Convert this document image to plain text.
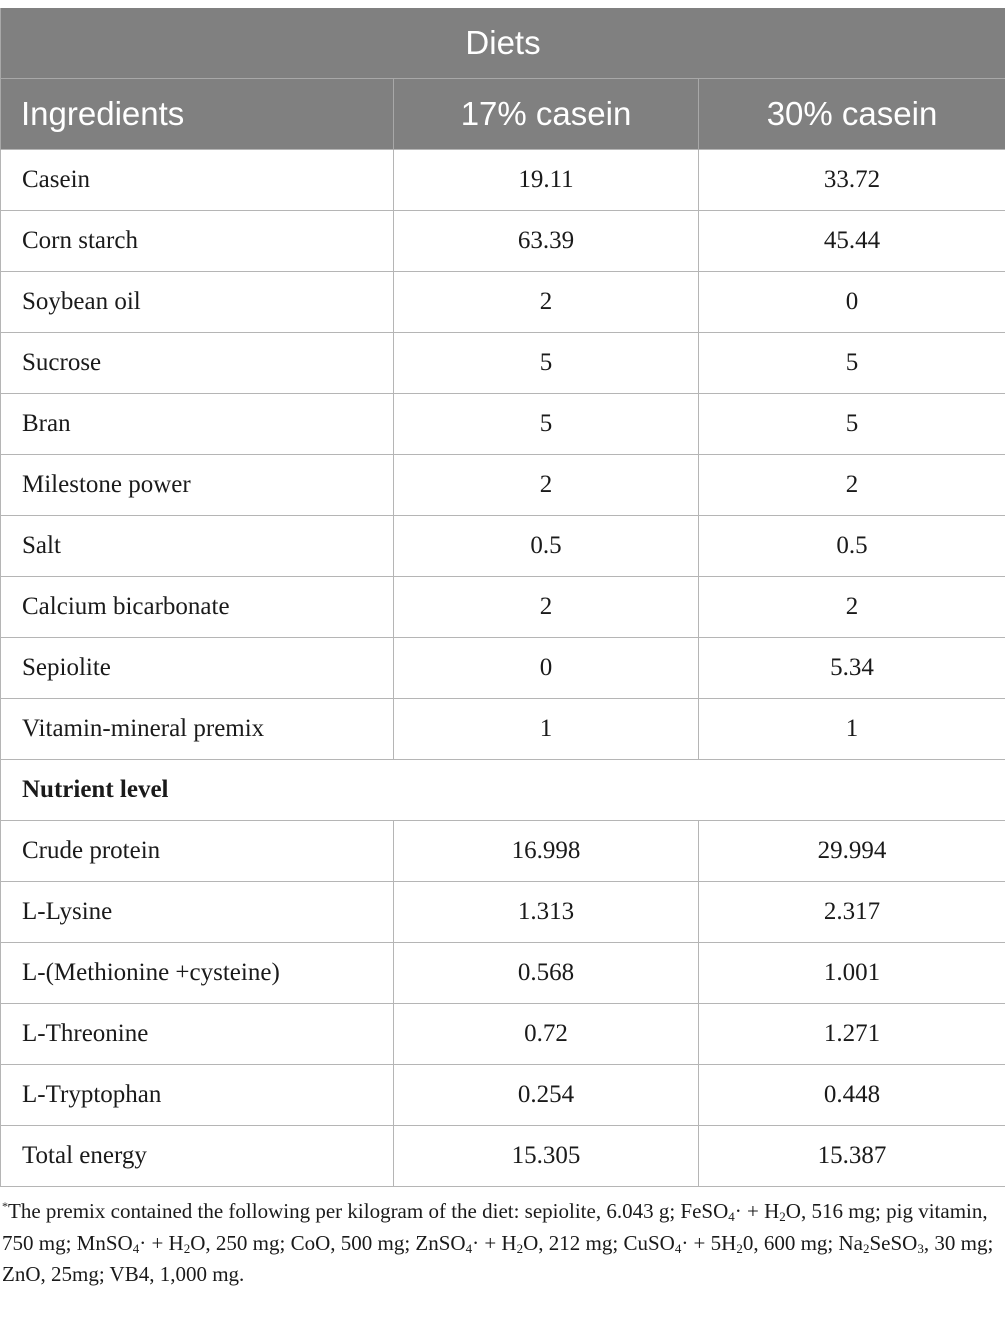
Diets		
Ingredients	17% casein	30% casein
Casein	19.11	33.72
Corn starch	63.39	45.44
Soybean oil	2	0
Sucrose	5	5
Bran	5	5
Milestone power	2	2
Salt	0.5	0.5
Calcium bicarbonate	2	2
Sepiolite	0	5.34
Vitamin-mineral premix	1	1
Nutrient level		
Crude protein	16.998	29.994
L-Lysine	1.313	2.317
L-(Methionine +cysteine)	0.568	1.001
L-Threonine	0.72	1.271
L-Tryptophan	0.254	0.448
Total energy	15.305	15.387
*The premix contained the following per kilogram of the diet: sepiolite, 6.043 g; FeSO$_4$· + $H_2O$, 516 mg; pig vitamin, 750 mg; MnSO$_4$· + $H_2O$, 250 mg; CoO, 500 mg; ZnSO$_4$· + $H_2O$, 212 mg; CuSO$_4$· + $5H_20$, 600 mg; $Na_2SeSO_3$, 30 mg; ZnO, 25mg; VB4, 1,000 mg.
